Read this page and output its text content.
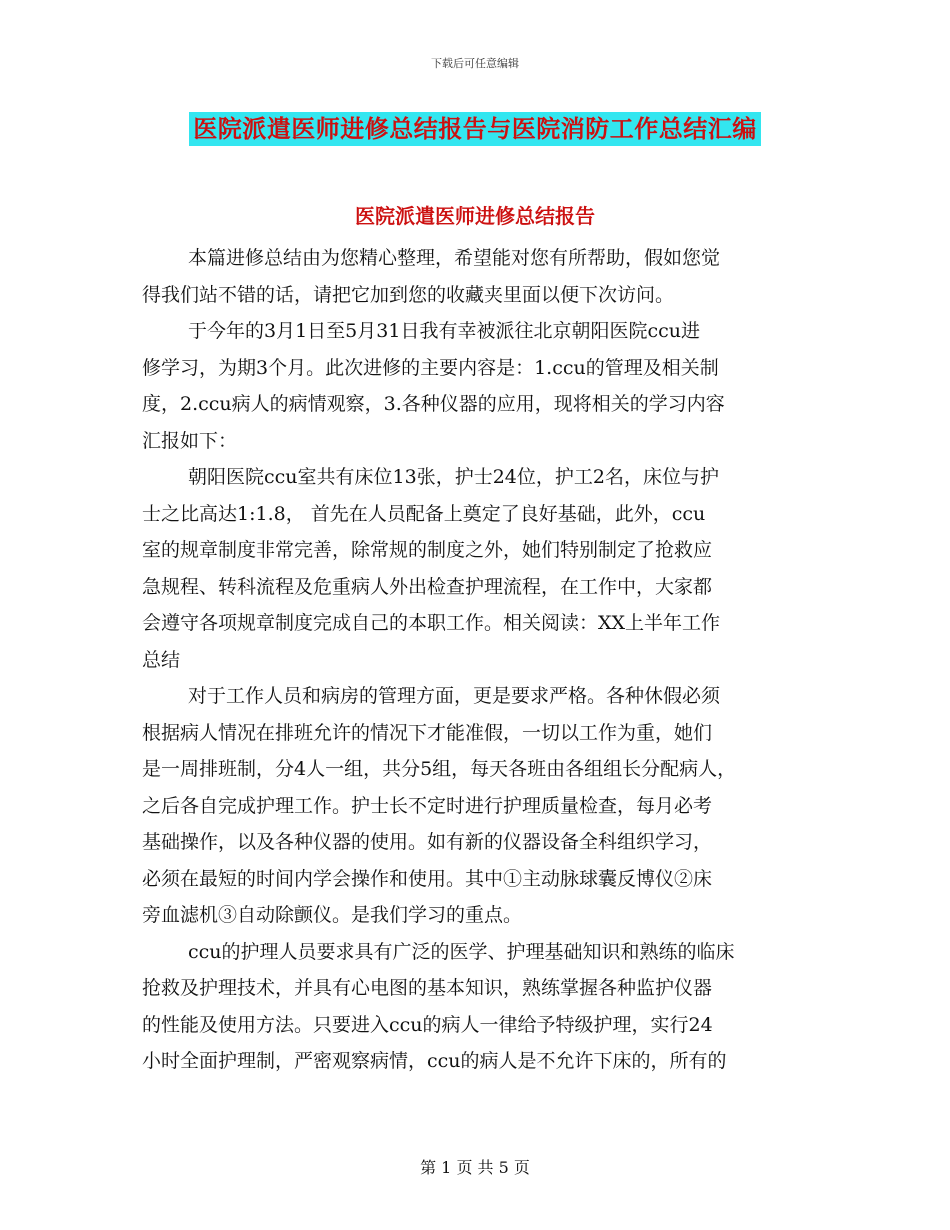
下载后可任意编辑
医院派遣医师进修总结报告与医院消防工作总结汇编
医院派遣医师进修总结报告
本篇进修总结由为您精心整理，希望能对您有所帮助，假如您觉
得我们站不错的话，请把它加到您的收藏夹里面以便下次访问。
于今年的3月1日至5月31日我有幸被派往北京朝阳医院ccu进
修学习，为期3个月。此次进修的主要内容是：1.ccu的管理及相关制
度，2.ccu病人的病情观察，3.各种仪器的应用，现将相关的学习内容
汇报如下：
朝阳医院ccu室共有床位13张，护士24位，护工2名，床位与护
士之比高达1:1.8， 首先在人员配备上奠定了良好基础，此外，ccu
室的规章制度非常完善，除常规的制度之外，她们特别制定了抢救应
急规程、转科流程及危重病人外出检查护理流程，在工作中，大家都
会遵守各项规章制度完成自己的本职工作。相关阅读：XX上半年工作
总结
对于工作人员和病房的管理方面，更是要求严格。各种休假必须
根据病人情况在排班允许的情况下才能准假，一切以工作为重，她们
是一周排班制，分4人一组，共分5组，每天各班由各组组长分配病人，
之后各自完成护理工作。护士长不定时进行护理质量检查，每月必考
基础操作，以及各种仪器的使用。如有新的仪器设备全科组织学习，
必须在最短的时间内学会操作和使用。其中①主动脉球囊反博仪②床
旁血滤机③自动除颤仪。是我们学习的重点。
ccu的护理人员要求具有广泛的医学、护理基础知识和熟练的临床
抢救及护理技术，并具有心电图的基本知识，熟练掌握各种监护仪器
的性能及使用方法。只要进入ccu的病人一律给予特级护理，实行24
小时全面护理制，严密观察病情，ccu的病人是不允许下床的，所有的
第 1 页 共 5 页
